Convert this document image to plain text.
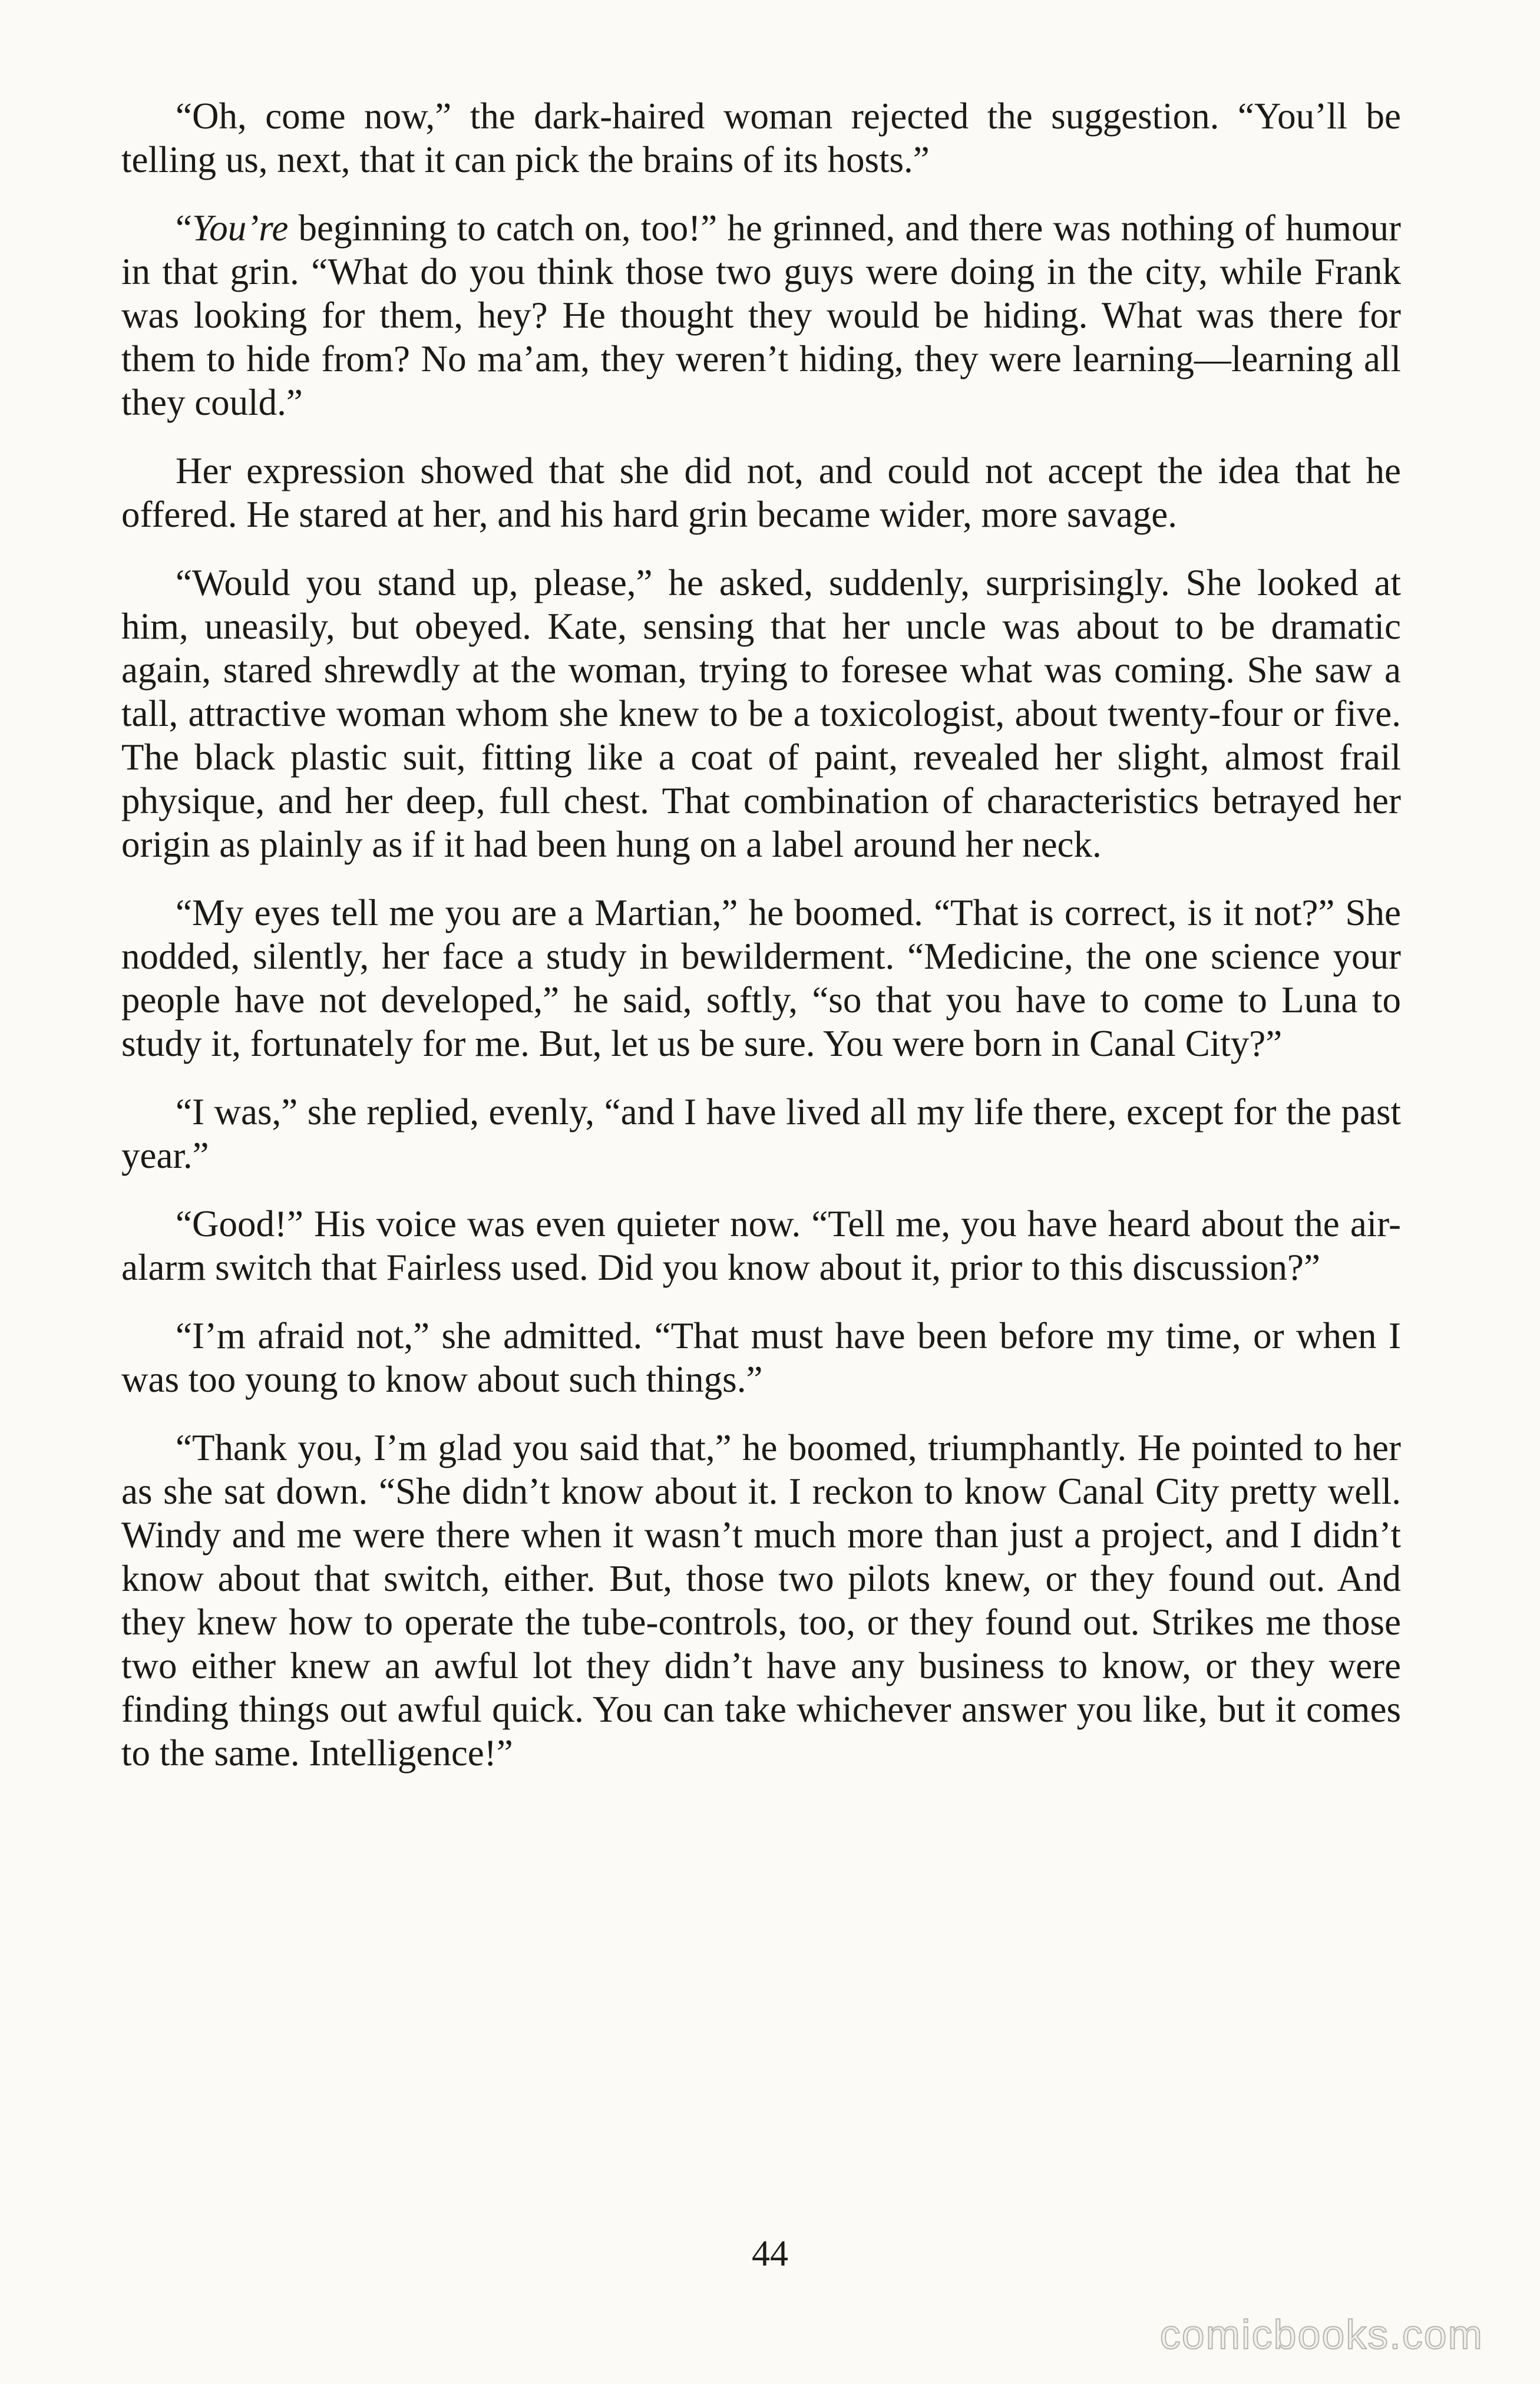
“Oh, come now,” the dark-haired woman rejected the suggestion. “You’ll be telling us, next, that it can pick the brains of its hosts.”

“You’re beginning to catch on, too!” he grinned, and there was nothing of humour in that grin. “What do you think those two guys were doing in the city, while Frank was looking for them, hey? He thought they would be hiding. What was there for them to hide from? No ma’am, they weren’t hiding, they were learning—learning all they could.”

Her expression showed that she did not, and could not accept the idea that he offered. He stared at her, and his hard grin became wider, more savage.

“Would you stand up, please,” he asked, suddenly, surprisingly. She looked at him, uneasily, but obeyed. Kate, sensing that her uncle was about to be dramatic again, stared shrewdly at the woman, trying to foresee what was coming. She saw a tall, attractive woman whom she knew to be a toxicologist, about twenty-four or five. The black plastic suit, fitting like a coat of paint, revealed her slight, almost frail physique, and her deep, full chest. That combination of characteristics betrayed her origin as plainly as if it had been hung on a label around her neck.

“My eyes tell me you are a Martian,” he boomed. “That is correct, is it not?” She nodded, silently, her face a study in bewilderment. “Medicine, the one science your people have not developed,” he said, softly, “so that you have to come to Luna to study it, fortunately for me. But, let us be sure. You were born in Canal City?”

“I was,” she replied, evenly, “and I have lived all my life there, except for the past year.”

“Good!” His voice was even quieter now. “Tell me, you have heard about the air-alarm switch that Fairless used. Did you know about it, prior to this discussion?”

“I’m afraid not,” she admitted. “That must have been before my time, or when I was too young to know about such things.”

“Thank you, I’m glad you said that,” he boomed, triumphantly. He pointed to her as she sat down. “She didn’t know about it. I reckon to know Canal City pretty well. Windy and me were there when it wasn’t much more than just a project, and I didn’t know about that switch, either. But, those two pilots knew, or they found out. And they knew how to operate the tube-controls, too, or they found out. Strikes me those two either knew an awful lot they didn’t have any business to know, or they were finding things out awful quick. You can take whichever answer you like, but it comes to the same. Intelligence!”

44
comicbooks.com
